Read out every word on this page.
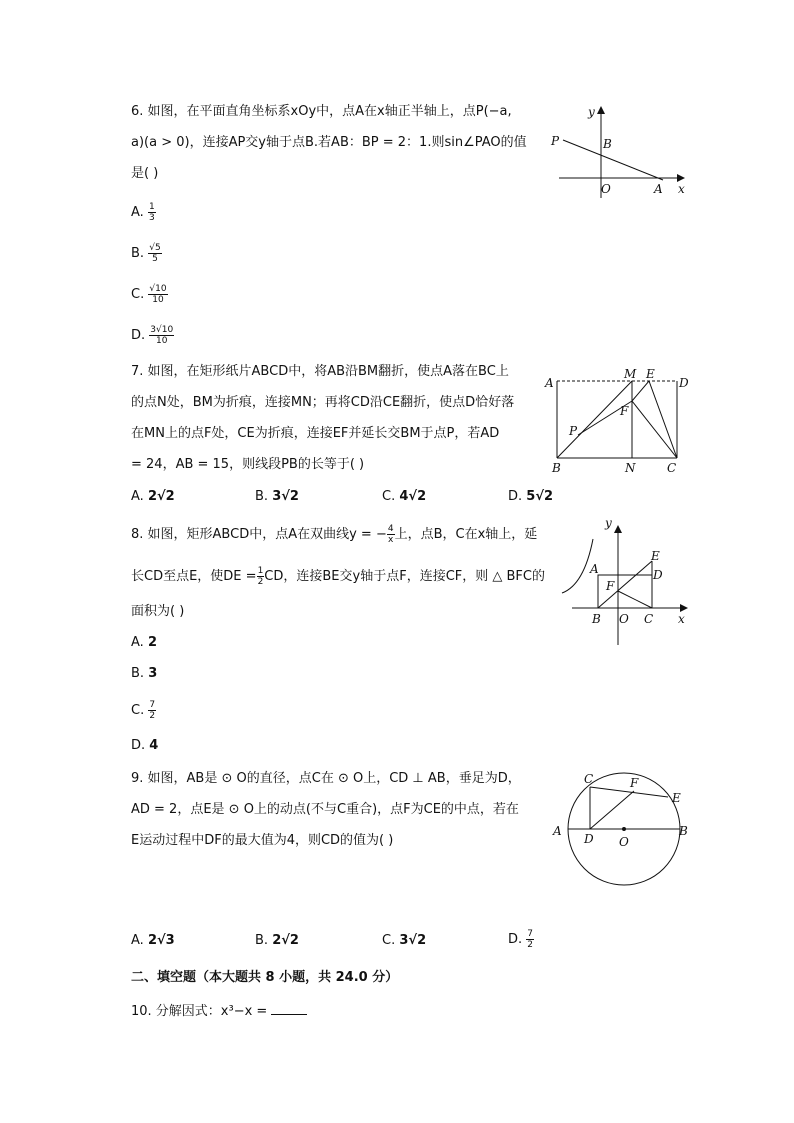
6. 如图，在平面直角坐标系xOy中，点A在x轴正半轴上，点P(−a,
a)(a > 0)，连接AP交y轴于点B.若AB：BP = 2：1.则sin∠PAO的值
是( )
A. $\frac{1}{3}$
B. $\frac{√5}{5}$
C. $\frac{√10}{10}$
D. $\frac{3√10}{10}$
y
P	B
O	A x
7. 如图，在矩形纸片ABCD中，将AB沿BM翻折，使点A落在BC上
的点N处，BM为折痕，连接MN；再将CD沿CE翻折，使点D恰好落
在MN上的点F处，CE为折痕，连接EF并延长交BM于点P，若AD
= 24，AB = 15，则线段PB的长等于( )
A. 2√2	B. 3√2	C. 4√2	D. 5√2
A
M E
D
F
P
B	N	C
8. 如图，矩形ABCD中，点A在双曲线y = − $\frac{4}{x}$ 上，点B，C在x轴上，延
长CD至点E，使DE = $\frac{1}{2}$ CD，连接BE交y轴于点F，连接CF，则 △ BFC的
面积为( )
A. 2
B. 3
C. $\frac{7}{2}$
D. 4
y
E
A	D
F
B O C x
9. 如图，AB是 ⊙ O的直径，点C在 ⊙ O上，CD ⊥ AB，垂足为D，
AD = 2，点E是 ⊙ O上的动点(不与C重合)，点F为CE的中点，若在
E运动过程中DF的最大值为4，则CD的值为( )
A. 2√3	B. 2√2	C. 3√2	D. $\frac{7}{2}$
C	F
E
A
D O
B
二、填空题（本大题共 8 小题，共 24.0 分）
10. 分解因式：x³−x =
